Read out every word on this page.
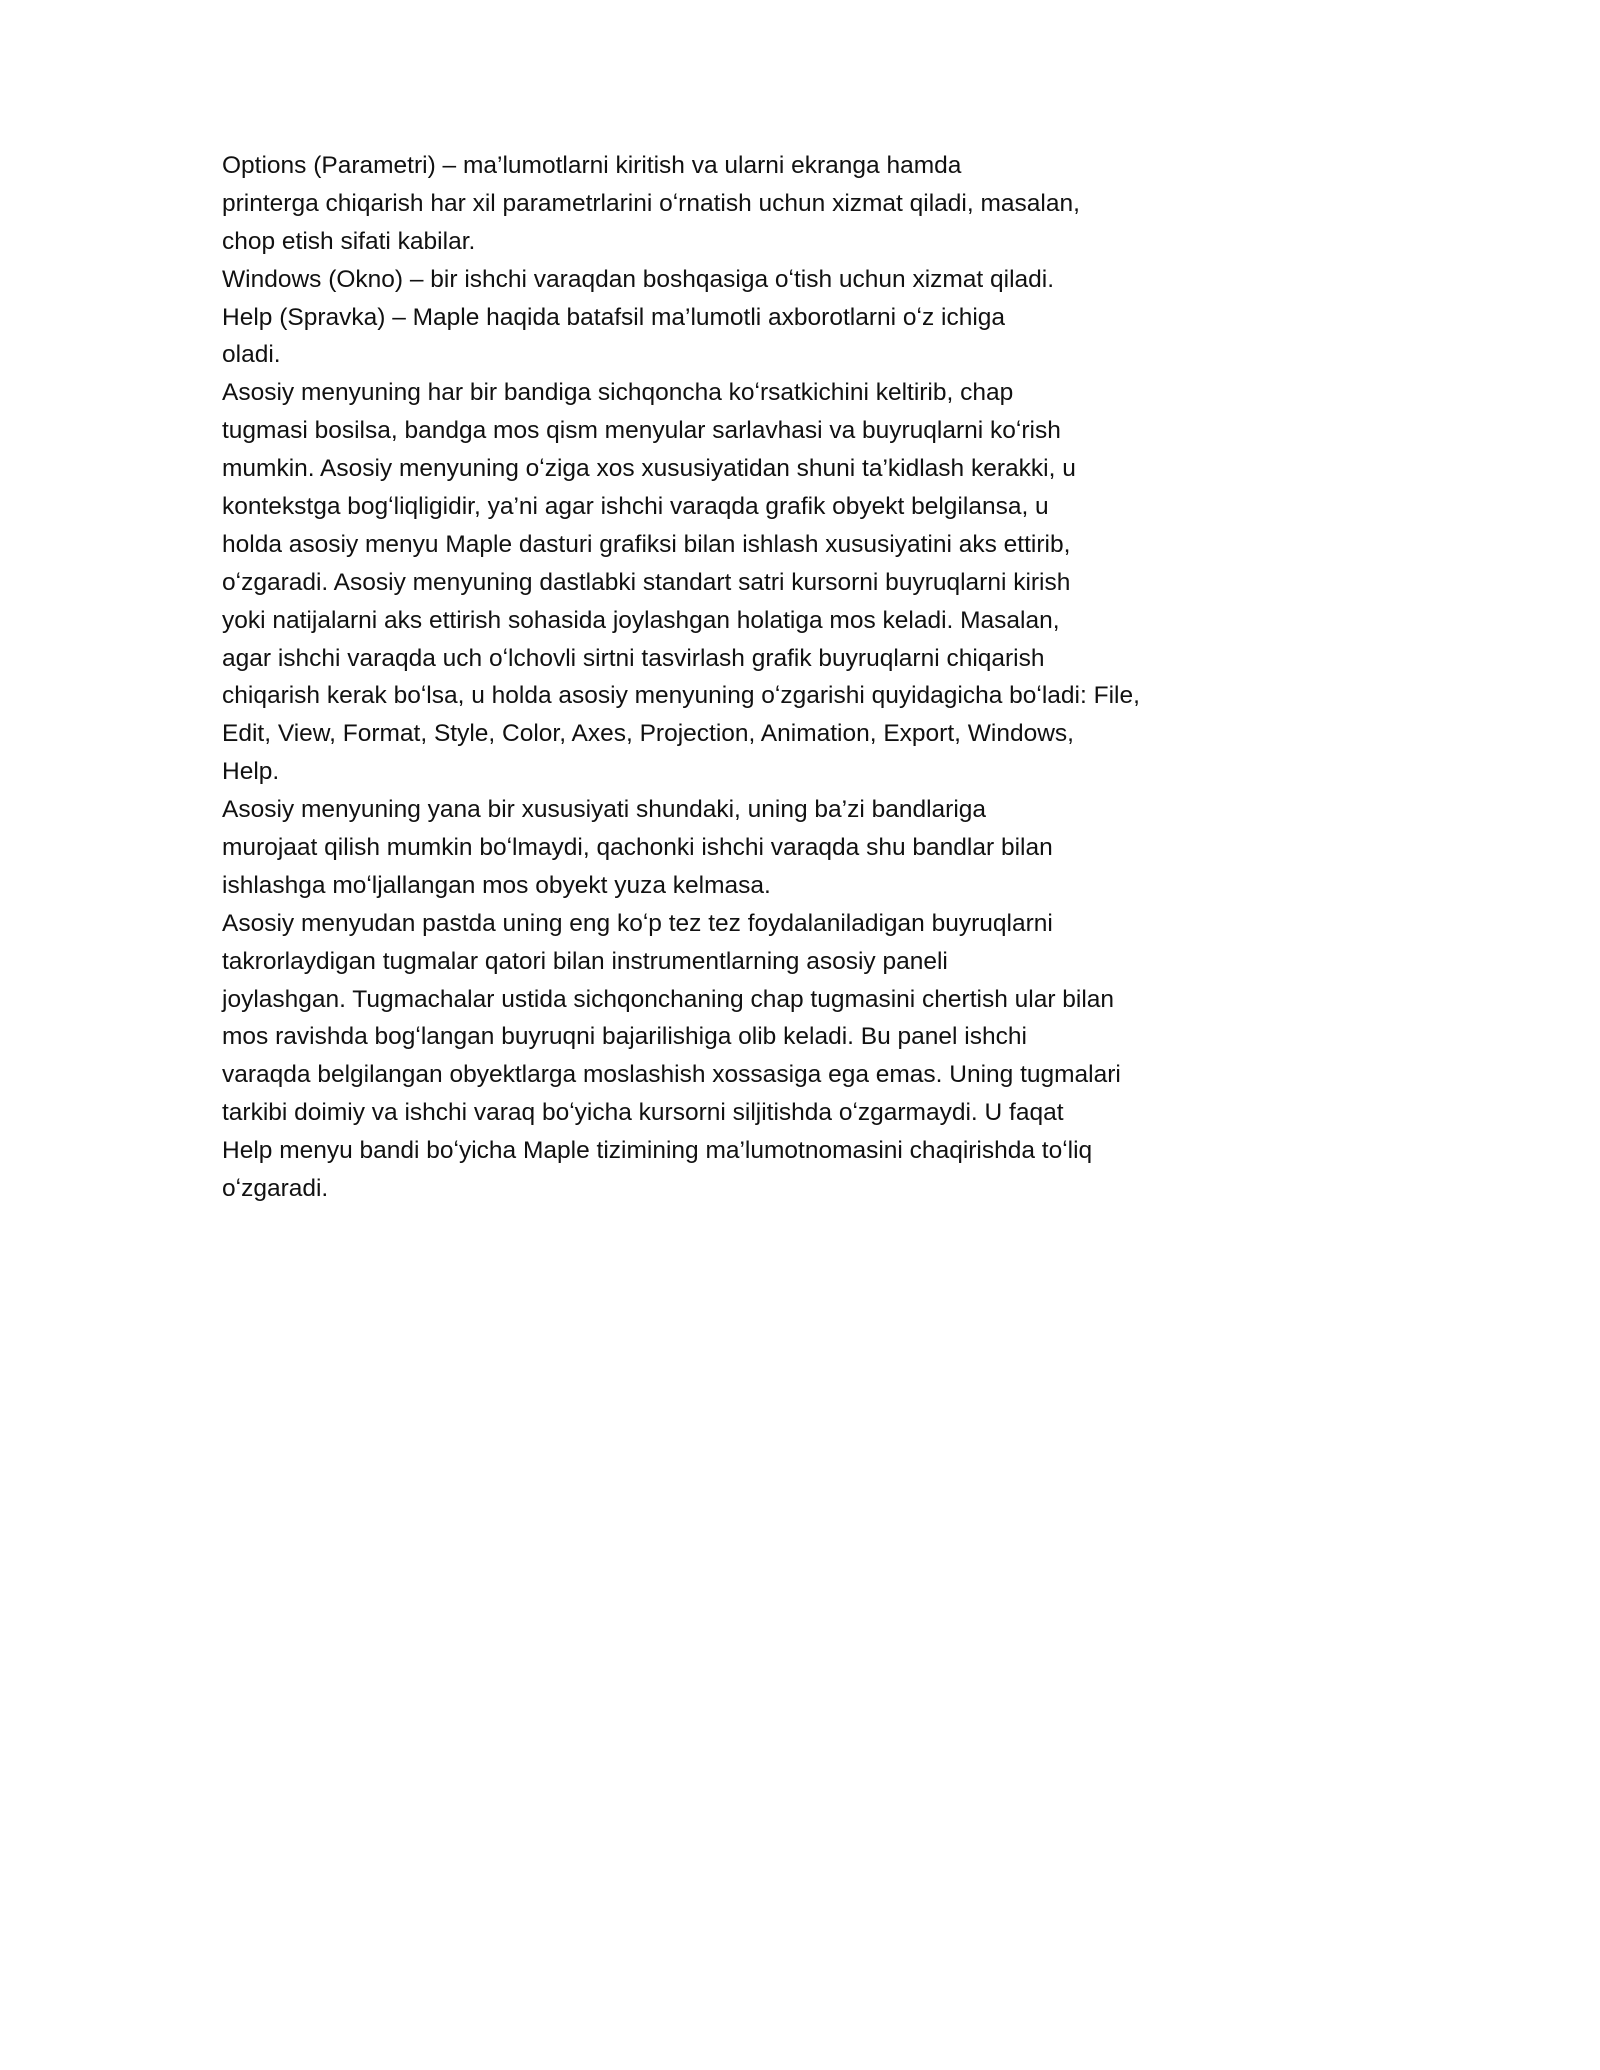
Options (Parametri) – ma’lumotlarni kiritish va ularni ekranga hamda
printerga chiqarish har xil parametrlarini oʻrnatish uchun xizmat qiladi, masalan,
chop etish sifati kabilar.
Windows (Okno) – bir ishchi varaqdan boshqasiga oʻtish uchun xizmat qiladi.
Help (Spravka) – Maple haqida batafsil ma’lumotli axborotlarni oʻz ichiga
oladi.
Asosiy menyuning har bir bandiga sichqoncha koʻrsatkichini keltirib, chap
tugmasi bosilsa, bandga mos qism menyular sarlavhasi va buyruqlarni koʻrish
mumkin. Asosiy menyuning oʻziga xos xususiyatidan shuni ta’kidlash kerakki, u
kontekstga bogʻliqligidir, ya’ni agar ishchi varaqda grafik obyekt belgilansa, u
holda asosiy menyu Maple dasturi grafiksi bilan ishlash xususiyatini aks ettirib,
oʻzgaradi. Asosiy menyuning dastlabki standart satri kursorni buyruqlarni kirish
yoki natijalarni aks ettirish sohasida joylashgan holatiga mos keladi. Masalan,
agar ishchi varaqda uch oʻlchovli sirtni tasvirlash grafik buyruqlarni chiqarish
chiqarish kerak boʻlsa, u holda asosiy menyuning oʻzgarishi quyidagicha boʻladi: File,
Edit, View, Format, Style, Color, Axes, Projection, Animation, Export, Windows,
Help.
Asosiy menyuning yana bir xususiyati shundaki, uning ba’zi bandlariga
murojaat qilish mumkin boʻlmaydi, qachonki ishchi varaqda shu bandlar bilan
ishlashga moʻljallangan mos obyekt yuza kelmasa.
Asosiy menyudan pastda uning eng koʻp tez tez foydalaniladigan buyruqlarni
takrorlaydigan tugmalar qatori bilan instrumentlarning asosiy paneli
joylashgan. Tugmachalar ustida sichqonchaning chap tugmasini chertish ular bilan
mos ravishda bogʻlangan buyruqni bajarilishiga olib keladi. Bu panel ishchi
varaqda belgilangan obyektlarga moslashish xossasiga ega emas. Uning tugmalari
tarkibi doimiy va ishchi varaq boʻyicha kursorni siljitishda oʻzgarmaydi. U faqat
Help menyu bandi boʻyicha Maple tizimining ma’lumotnomasini chaqirishda toʻliq
oʻzgaradi.
